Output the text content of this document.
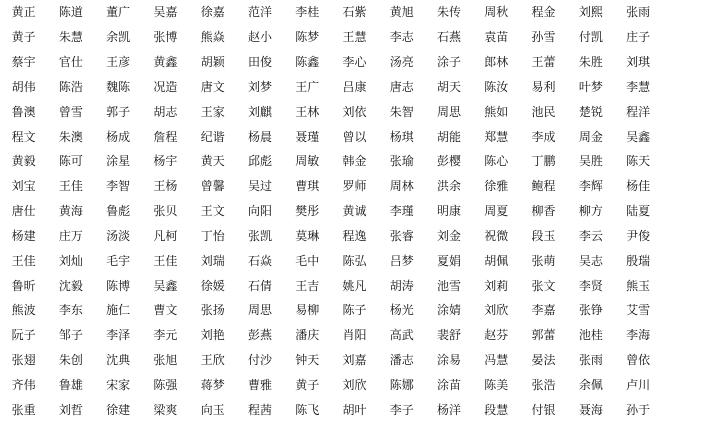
黄正	陈道	董广	吴嘉	徐嘉	范洋	李桂	石紫	黄旭	朱传	周秋	程金	刘熙	张雨
黄子	朱慧	余凯	张博	熊焱	赵小	陈梦	王慧	李志	石燕	袁苗	孙雪	付凯	庄子
蔡宇	官仕	王彦	黄鑫	胡颖	田俊	陈鑫	李心	汤亮	涂子	郎林	王蕾	朱胜	刘琪
胡伟	陈浩	魏陈	况造	唐文	刘梦	王广	吕康	唐志	胡天	陈汝	易利	叶梦	李慧
鲁澳	曾雪	郭子	胡志	王家	刘麒	王林	刘依	朱智	周思	熊如	池民	楚锐	程洋
程文	朱澳	杨成	詹程	纪谐	杨晨	聂瑾	曾以	杨琪	胡能	郑慧	李成	周金	吴鑫
黄毅	陈可	涂星	杨宇	黄天	邱彪	周敏	韩金	张瑜	彭樱	陈心	丁鹏	吴胜	陈天
刘宝	王佳	李智	王杨	曾馨	吴过	曹琪	罗师	周林	洪余	徐雅	鲍程	李辉	杨佳
唐仕	黄海	鲁彪	张贝	王文	向阳	樊彤	黄诚	李瑾	明康	周夏	柳香	柳方	陆夏
杨建	庄万	汤淡	凡柯	丁怡	张凯	莫琳	程逸	张睿	刘金	祝微	段玉	李云	尹俊
王佳	刘灿	毛宇	王佳	刘瑞	石焱	毛中	陈弘	吕梦	夏娟	胡佩	张萌	吴志	殷瑞
鲁昕	沈毅	陈博	吴鑫	徐媛	石倩	王吉	姚凡	胡涛	池雪	刘莉	张文	李贤	熊玉
熊波	李东	施仁	曹文	张扬	周思	易柳	陈子	杨光	涂婧	刘欣	李嘉	张铮	艾雪
阮子	邹子	李泽	李元	刘艳	彭燕	潘庆	肖阳	高武	裴舒	赵芬	郭蕾	池桂	李海
张翅	朱创	沈典	张旭	王欣	付沙	钟天	刘嘉	潘志	涂易	冯慧	晏法	张雨	曾依
齐伟	鲁雄	宋家	陈强	蒋梦	曹雅	黄子	刘欣	陈娜	涂苗	陈美	张浩	余佩	卢川
张重	刘哲	徐建	梁爽	向玉	程茜	陈飞	胡叶	李子	杨洋	段慧	付银	聂海	孙于
